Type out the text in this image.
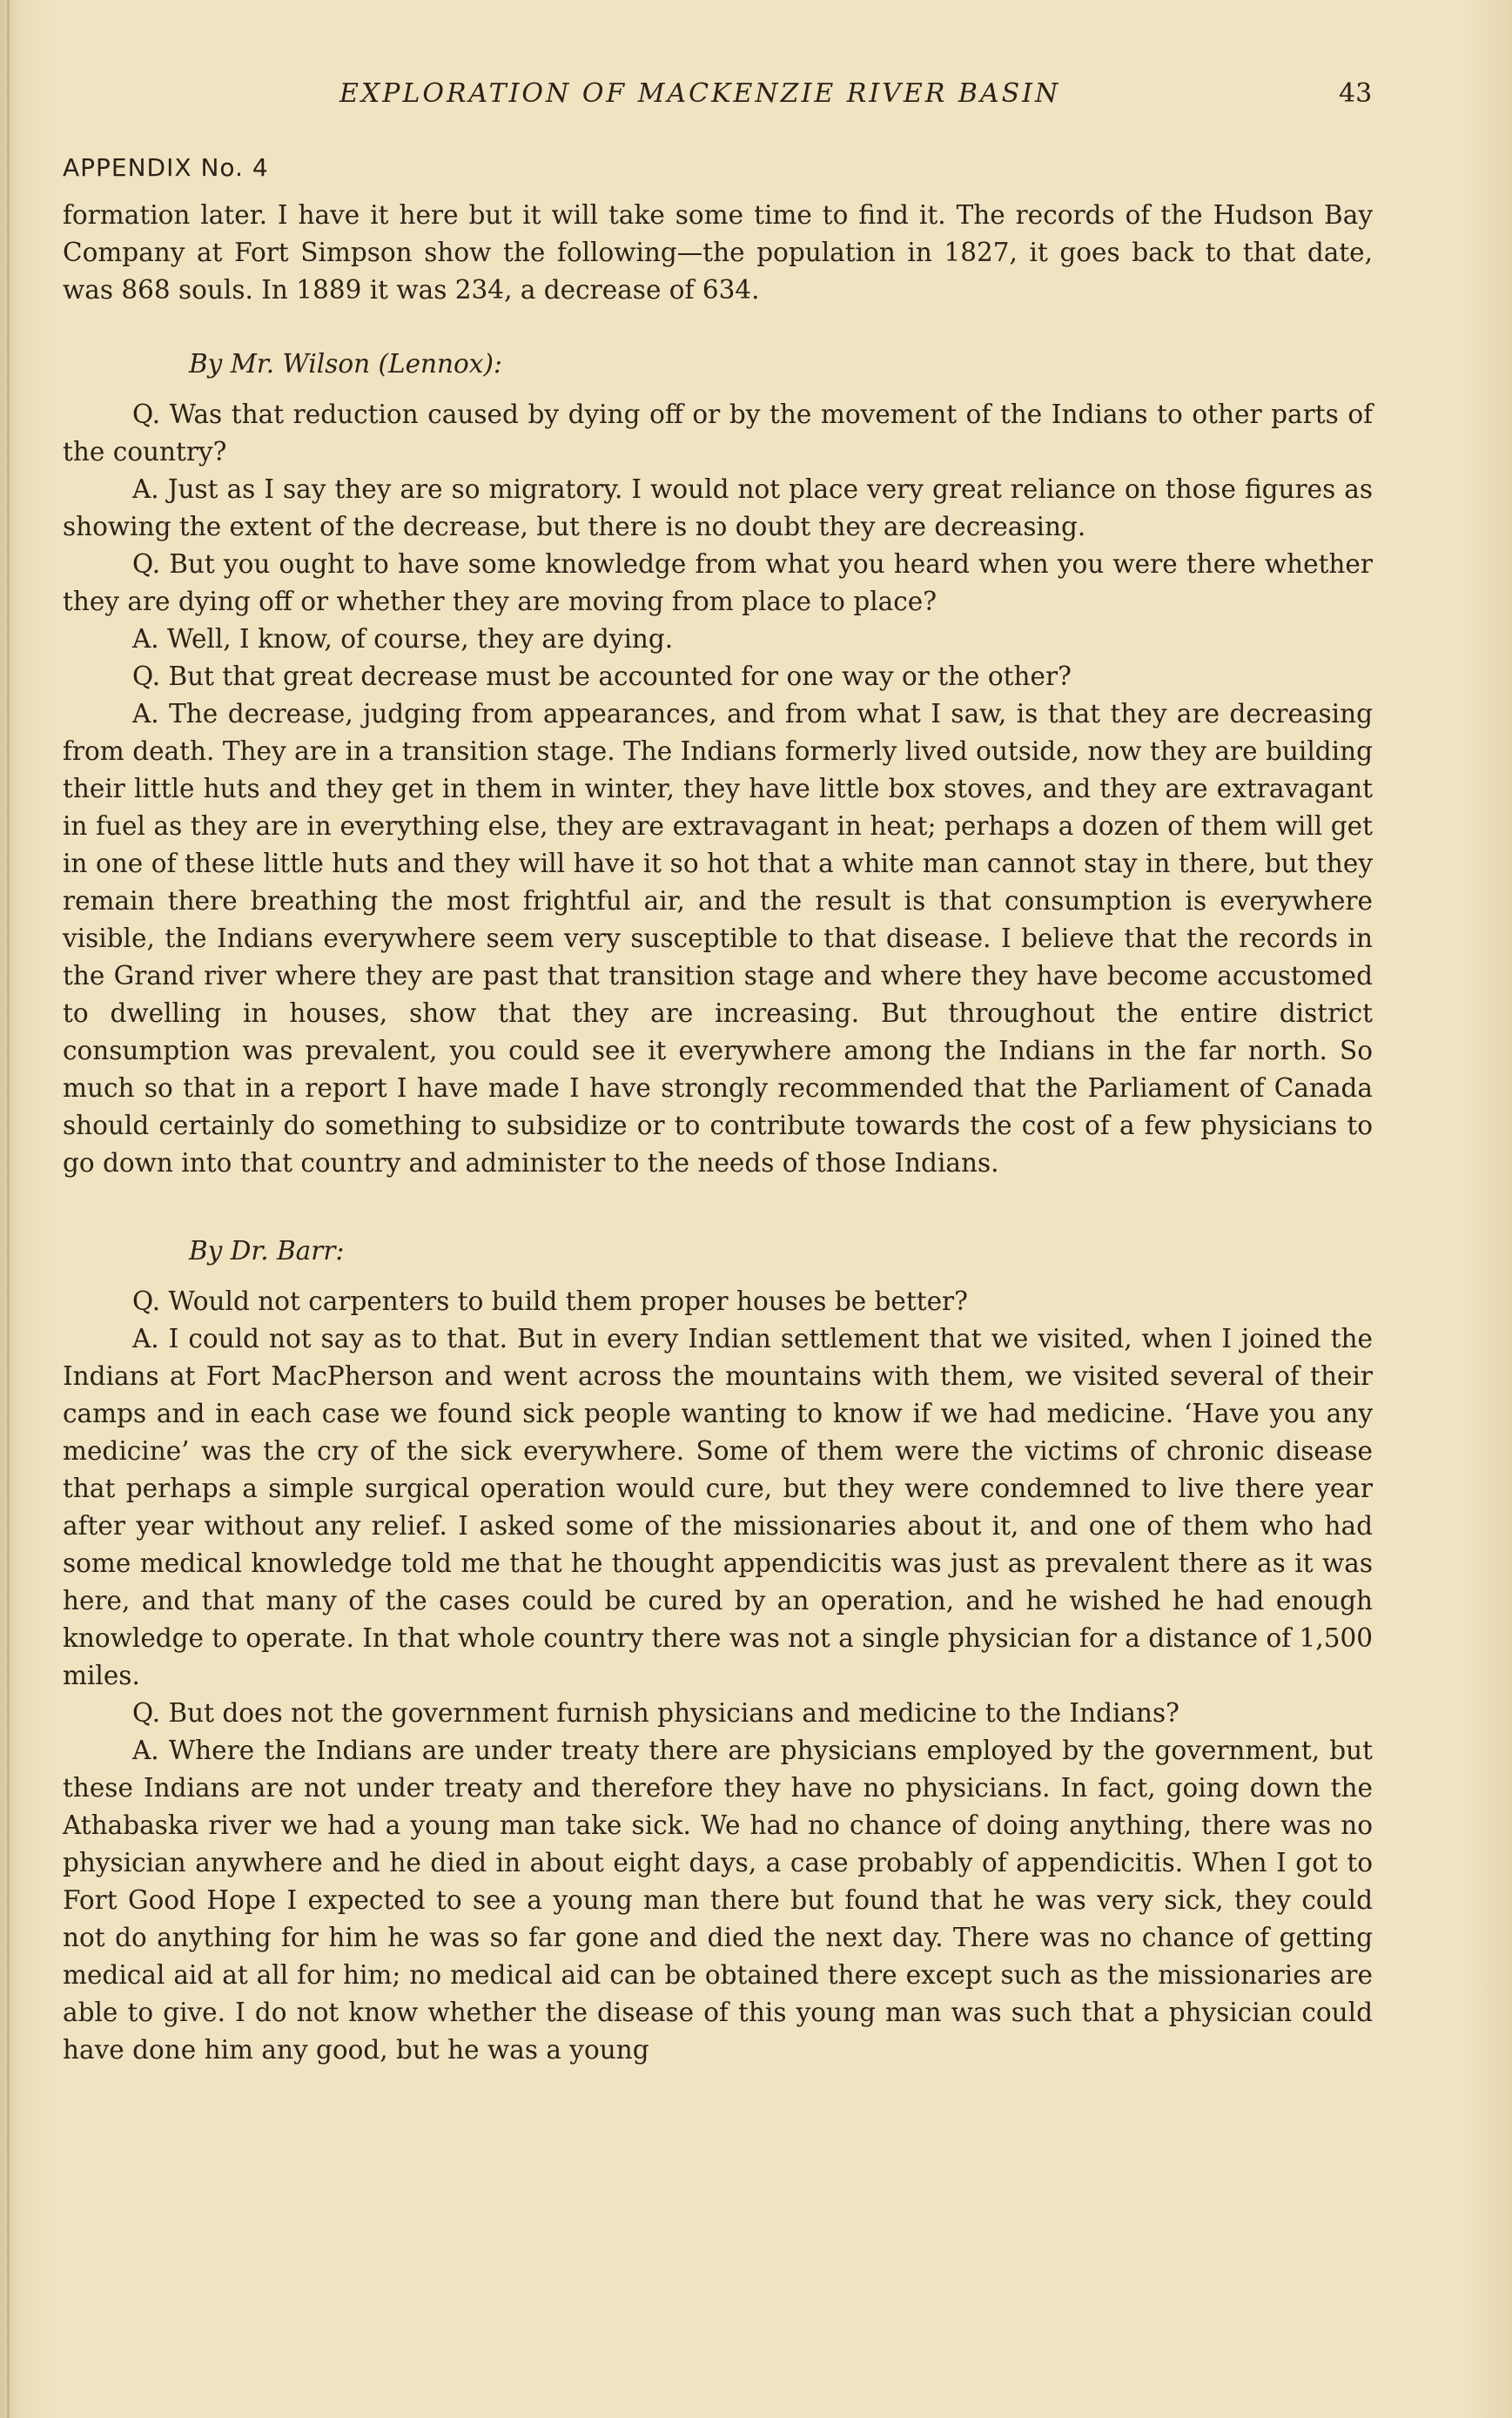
EXPLORATION OF MACKENZIE RIVER BASIN	43
APPENDIX No. 4

formation later. I have it here but it will take some time to find it. The records of the Hudson Bay Company at Fort Simpson show the following—the population in 1827, it goes back to that date, was 868 souls. In 1889 it was 234, a decrease of 634.

By Mr. Wilson (Lennox):

Q. Was that reduction caused by dying off or by the movement of the Indians to other parts of the country?

A. Just as I say they are so migratory. I would not place very great reliance on those figures as showing the extent of the decrease, but there is no doubt they are decreasing.

Q. But you ought to have some knowledge from what you heard when you were there whether they are dying off or whether they are moving from place to place?

A. Well, I know, of course, they are dying.

Q. But that great decrease must be accounted for one way or the other?

A. The decrease, judging from appearances, and from what I saw, is that they are decreasing from death. They are in a transition stage. The Indians formerly lived outside, now they are building their little huts and they get in them in winter, they have little box stoves, and they are extravagant in fuel as they are in everything else, they are extravagant in heat; perhaps a dozen of them will get in one of these little huts and they will have it so hot that a white man cannot stay in there, but they remain there breathing the most frightful air, and the result is that consumption is everywhere visible, the Indians everywhere seem very susceptible to that disease. I believe that the records in the Grand river where they are past that transition stage and where they have become accustomed to dwelling in houses, show that they are increasing. But throughout the entire district consumption was prevalent, you could see it everywhere among the Indians in the far north. So much so that in a report I have made I have strongly recommended that the Parliament of Canada should certainly do something to subsidize or to contribute towards the cost of a few physicians to go down into that country and administer to the needs of those Indians.

By Dr. Barr:

Q. Would not carpenters to build them proper houses be better?

A. I could not say as to that. But in every Indian settlement that we visited, when I joined the Indians at Fort MacPherson and went across the mountains with them, we visited several of their camps and in each case we found sick people wanting to know if we had medicine. ‘Have you any medicine’ was the cry of the sick everywhere. Some of them were the victims of chronic disease that perhaps a simple surgical operation would cure, but they were condemned to live there year after year without any relief. I asked some of the missionaries about it, and one of them who had some medical knowledge told me that he thought appendicitis was just as prevalent there as it was here, and that many of the cases could be cured by an operation, and he wished he had enough knowledge to operate. In that whole country there was not a single physician for a distance of 1,500 miles.

Q. But does not the government furnish physicians and medicine to the Indians?

A. Where the Indians are under treaty there are physicians employed by the government, but these Indians are not under treaty and therefore they have no physicians. In fact, going down the Athabaska river we had a young man take sick. We had no chance of doing anything, there was no physician anywhere and he died in about eight days, a case probably of appendicitis. When I got to Fort Good Hope I expected to see a young man there but found that he was very sick, they could not do anything for him he was so far gone and died the next day. There was no chance of getting medical aid at all for him; no medical aid can be obtained there except such as the missionaries are able to give. I do not know whether the disease of this young man was such that a physician could have done him any good, but he was a young
